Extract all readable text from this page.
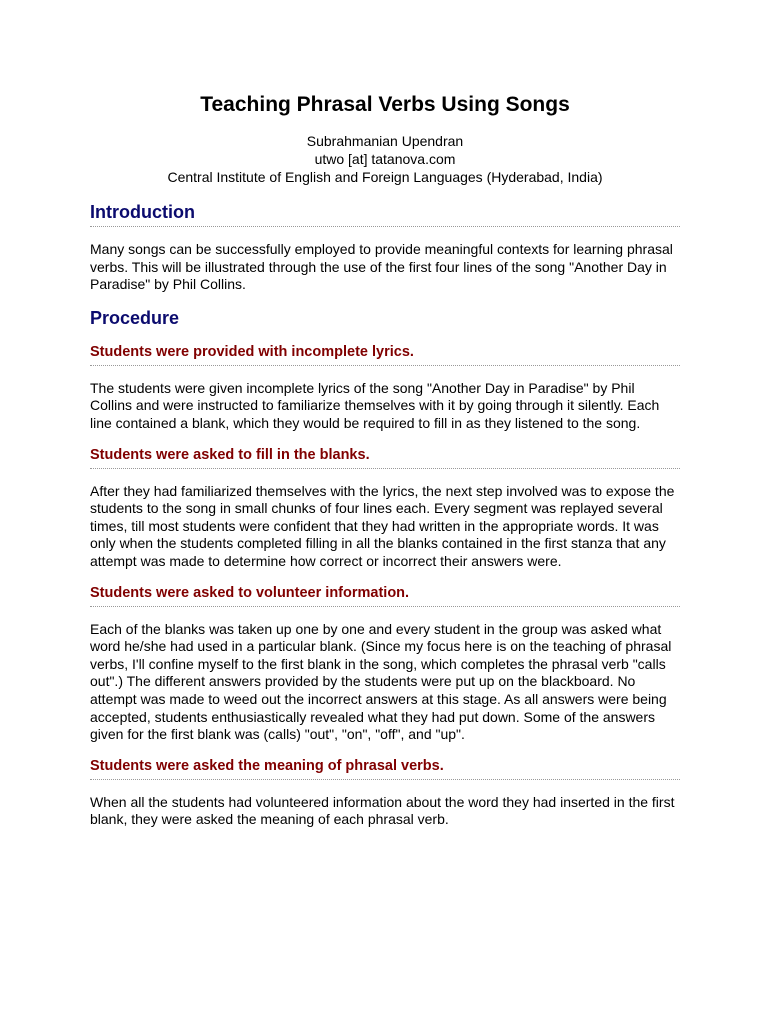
Teaching Phrasal Verbs Using Songs
Subrahmanian Upendran
utwo [at] tatanova.com
Central Institute of English and Foreign Languages (Hyderabad, India)
Introduction

Many songs can be successfully employed to provide meaningful contexts for learning phrasal verbs. This will be illustrated through the use of the first four lines of the song "Another Day in Paradise" by Phil Collins.

Procedure
Students were provided with incomplete lyrics.

The students were given incomplete lyrics of the song "Another Day in Paradise" by Phil Collins and were instructed to familiarize themselves with it by going through it silently. Each line contained a blank, which they would be required to fill in as they listened to the song.

Students were asked to fill in the blanks.

After they had familiarized themselves with the lyrics, the next step involved was to expose the students to the song in small chunks of four lines each. Every segment was replayed several times, till most students were confident that they had written in the appropriate words. It was only when the students completed filling in all the blanks contained in the first stanza that any attempt was made to determine how correct or incorrect their answers were.

Students were asked to volunteer information.

Each of the blanks was taken up one by one and every student in the group was asked what word he/she had used in a particular blank. (Since my focus here is on the teaching of phrasal verbs, I'll confine myself to the first blank in the song, which completes the phrasal verb "calls out".) The different answers provided by the students were put up on the blackboard. No attempt was made to weed out the incorrect answers at this stage. As all answers were being accepted, students enthusiastically revealed what they had put down. Some of the answers given for the first blank was (calls) "out", "on", "off", and "up".

Students were asked the meaning of phrasal verbs.

When all the students had volunteered information about the word they had inserted in the first blank, they were asked the meaning of each phrasal verb.
